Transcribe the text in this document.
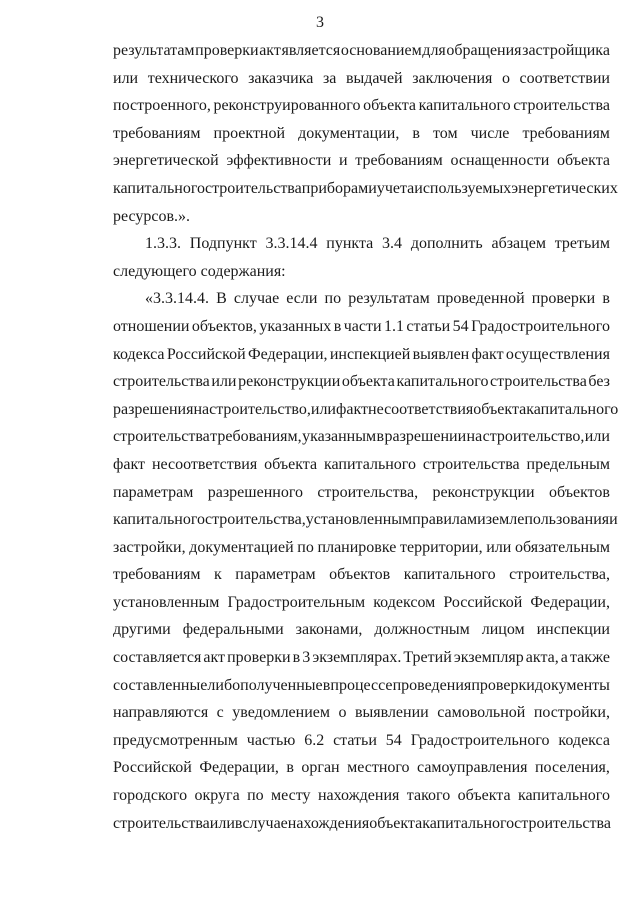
3
результатам проверки акт является основанием для обращения застройщика
или технического заказчика за выдачей заключения о соответствии
построенного, реконструированного объекта капитального строительства
требованиям проектной документации, в том числе требованиям
энергетической эффективности и требованиям оснащенности объекта
капитального строительства приборами учета используемых энергетических
ресурсов.».
1.3.3. Подпункт 3.3.14.4 пункта 3.4 дополнить абзацем третьим
следующего содержания:
«3.3.14.4. В случае если по результатам проведенной проверки в
отношении объектов, указанных в части 1.1 статьи 54 Градостроительного
кодекса Российской Федерации, инспекцией выявлен факт осуществления
строительства или реконструкции объекта капитального строительства без
разрешения на строительство, или факт несоответствия объекта капитального
строительства требованиям, указанным в разрешении на строительство, или
факт несоответствия объекта капитального строительства предельным
параметрам разрешенного строительства, реконструкции объектов
капитального строительства, установленным правилами землепользования и
застройки, документацией по планировке территории, или обязательным
требованиям к параметрам объектов капитального строительства,
установленным Градостроительным кодексом Российской Федерации,
другими федеральными законами, должностным лицом инспекции
составляется акт проверки в 3 экземплярах. Третий экземпляр акта, а также
составленные либо полученные в процессе проведения проверки документы
направляются с уведомлением о выявлении самовольной постройки,
предусмотренным частью 6.2 статьи 54 Градостроительного кодекса
Российской Федерации, в орган местного самоуправления поселения,
городского округа по месту нахождения такого объекта капитального
строительства или в случае нахождения объекта капитального строительства
